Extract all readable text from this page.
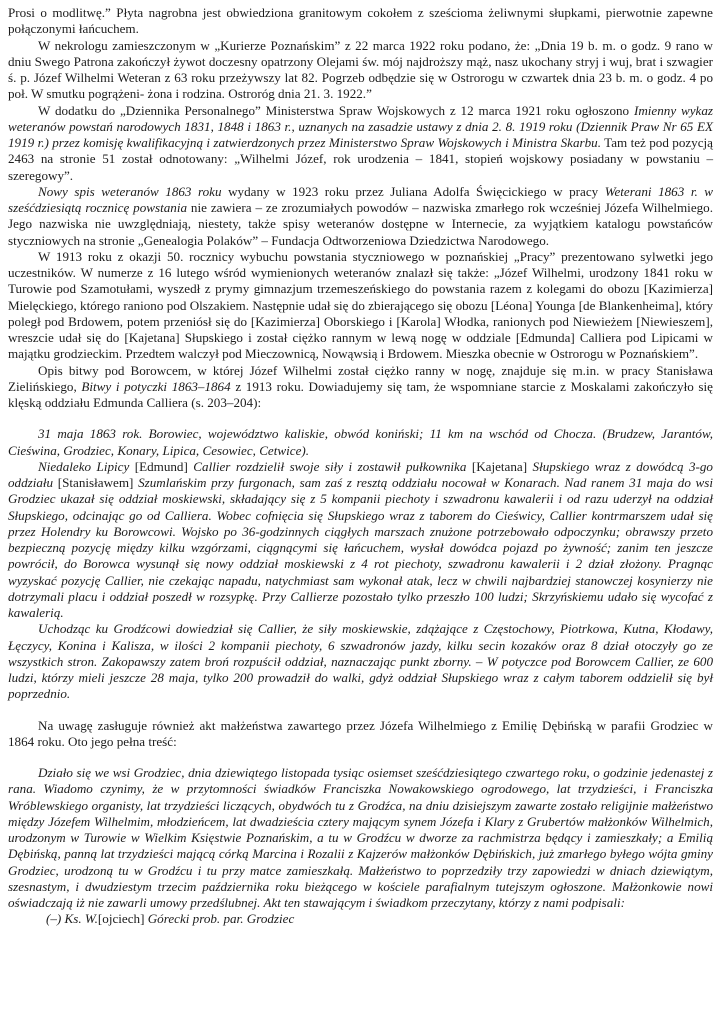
Prosi o modlitwę.” Płyta nagrobna jest obwiedziona granitowym cokołem z sześcioma żeliwnymi słupkami, pierwotnie zapewne połączonymi łańcuchem.

W nekrologu zamieszczonym w „Kurierze Poznańskim” z 22 marca 1922 roku podano, że: „Dnia 19 b. m. o godz. 9 rano w dniu Swego Patrona zakończył żywot doczesny opatrzony Olejami św. mój najdroższy mąż, nasz ukochany stryj i wuj, brat i szwagier ś. p. Józef Wilhelmi Weteran z 63 roku przeżywszy lat 82. Pogrzeb odbędzie się w Ostrorogu w czwartek dnia 23 b. m. o godz. 4 po poł. W smutku pogrążeni- żona i rodzina. Ostroróg dnia 21. 3. 1922.”

W dodatku do „Dziennika Personalnego” Ministerstwa Spraw Wojskowych z 12 marca 1921 roku ogłoszono Imienny wykaz weteranów powstań narodowych 1831, 1848 i 1863 r., uznanych na zasadzie ustawy z dnia 2. 8. 1919 roku (Dziennik Praw Nr 65 EX 1919 r.) przez komisję kwalifikacyjną i zatwierdzonych przez Ministerstwo Spraw Wojskowych i Ministra Skarbu. Tam też pod pozycją 2463 na stronie 51 został odnotowany: „Wilhelmi Józef, rok urodzenia – 1841, stopień wojskowy posiadany w powstaniu – szeregowy”.

Nowy spis weteranów 1863 roku wydany w 1923 roku przez Juliana Adolfa Święcickiego w pracy Weterani 1863 r. w sześćdziesiątą rocznicę powstania nie zawiera – ze zrozumiałych powodów – nazwiska zmarłego rok wcześniej Józefa Wilhelmiego. Jego nazwiska nie uwzględniają, niestety, także spisy weteranów dostępne w Internecie, za wyjątkiem katalogu powstańców styczniowych na stronie „Genealogia Polaków” – Fundacja Odtworzeniowa Dziedzictwa Narodowego.

W 1913 roku z okazji 50. rocznicy wybuchu powstania styczniowego w poznańskiej „Pracy” prezentowano sylwetki jego uczestników. W numerze z 16 lutego wśród wymienionych weteranów znalazł się także: „Józef Wilhelmi, urodzony 1841 roku w Turowie pod Szamotułami, wyszedł z prymy gimnazjum trzemeszeńskiego do powstania razem z kolegami do obozu [Kazimierza] Mielęckiego, którego raniono pod Olszakiem. Następnie udał się do zbierającego się obozu [Léona] Younga [de Blankenheima], który poległ pod Brdowem, potem przeniósł się do [Kazimierza] Oborskiego i [Karola] Włodka, ranionych pod Niewieżem [Niewieszem], wreszcie udał się do [Kajetana] Słupskiego i został ciężko rannym w lewą nogę w oddziale [Edmunda] Calliera pod Lipicami w majątku grodzieckim. Przedtem walczył pod Mieczownicą, Nowąwsią i Brdowem. Mieszka obecnie w Ostrorogu w Poznańskiem”.

Opis bitwy pod Borowcem, w której Józef Wilhelmi został ciężko ranny w nogę, znajduje się m.in. w pracy Stanisława Zielińskiego, Bitwy i potyczki 1863–1864 z 1913 roku. Dowiadujemy się tam, że wspomniane starcie z Moskalami zakończyło się klęską oddziału Edmunda Calliera (s. 203–204):

31 maja 1863 rok. Borowiec, województwo kaliskie, obwód koniński; 11 km na wschód od Chocza. (Brudzew, Jarantów, Cieświna, Grodziec, Konary, Lipica, Cesowiec, Cetwice).

Niedaleko Lipicy [Edmund] Callier rozdzielił swoje siły i zostawił pułkownika [Kajetana] Słupskiego wraz z dowódcą 3-go oddziału [Stanisławem] Szumlańskim przy furgonach, sam zaś z resztą oddziału nocował w Konarach. Nad ranem 31 maja do wsi Grodziec ukazał się oddział moskiewski, składający się z 5 kompanii piechoty i szwadronu kawalerii i od razu uderzył na oddział Słupskiego, odcinając go od Calliera. Wobec cofnięcia się Słupskiego wraz z taborem do Cieświcy, Callier kontrmarszem udał się przez Holendry ku Borowcowi. Wojsko po 36-godzinnych ciągłych marszach znużone potrzebowało odpoczynku; obrawszy przeto bezpieczną pozycję między kilku wzgórzami, ciągnącymi się łańcuchem, wysłał dowódca pojazd po żywność; zanim ten jeszcze powrócił, do Borowca wysunął się nowy oddział moskiewski z 4 rot piechoty, szwadronu kawalerii i 2 dział złożony. Pragnąc wyzyskać pozycję Callier, nie czekając napadu, natychmiast sam wykonał atak, lecz w chwili najbardziej stanowczej kosynierzy nie dotrzymali placu i oddział poszedł w rozsypkę. Przy Callierze pozostało tylko przeszło 100 ludzi; Skrzyńskiemu udało się wycofać z kawalerią.

Uchodząc ku Grodźcowi dowiedział się Callier, że siły moskiewskie, zdążające z Częstochowy, Piotrkowa, Kutna, Kłodawy, Łęczycy, Konina i Kalisza, w ilości 2 kompanii piechoty, 6 szwadronów jazdy, kilku secin kozaków oraz 8 dział otoczyły go ze wszystkich stron. Zakopawszy zatem broń rozpuścił oddział, naznaczając punkt zborny. – W potyczce pod Borowcem Callier, ze 600 ludzi, którzy mieli jeszcze 28 maja, tylko 200 prowadził do walki, gdyż oddział Słupskiego wraz z całym taborem oddzielił się był poprzednio.

Na uwagę zasługuje również akt małżeństwa zawartego przez Józefa Wilhelmiego z Emilię Dębińską w parafii Grodziec w 1864 roku. Oto jego pełna treść:

Działo się we wsi Grodziec, dnia dziewiątego listopada tysiąc osiemset sześćdziesiątego czwartego roku, o godzinie jedenastej z rana. Wiadomo czynimy, że w przytomności świadków Franciszka Nowakowskiego ogrodowego, lat trzydzieści, i Franciszka Wróblewskiego organisty, lat trzydzieści liczących, obydwóch tu z Grodźca, na dniu dzisiejszym zawarte zostało religijnie małżeństwo między Józefem Wilhelmim, młodzieńcem, lat dwadzieścia cztery mającym synem Józefa i Klary z Grubertów małżonków Wilhelmich, urodzonym w Turowie w Wielkim Księstwie Poznańskim, a tu w Grodźcu w dworze za rachmistrza będący i zamieszkały; a Emilią Dębińską, panną lat trzydzieści mającą córką Marcina i Rozalii z Kajzerów małżonków Dębińskich, już zmarłego byłego wójta gminy Grodziec, urodzoną tu w Grodźcu i tu przy matce zamieszkałą. Małżeństwo to poprzedziły trzy zapowiedzi w dniach dziewiątym, szesnastym, i dwudziestym trzecim października roku bieżącego w kościele parafialnym tutejszym ogłoszone. Małżonkowie nowi oświadczają iż nie zawarli umowy przedślubnej. Akt ten stawającym i świadkom przeczytany, którzy z nami podpisali:

(–) Ks. W.[ojciech] Górecki prob. par. Grodziec
